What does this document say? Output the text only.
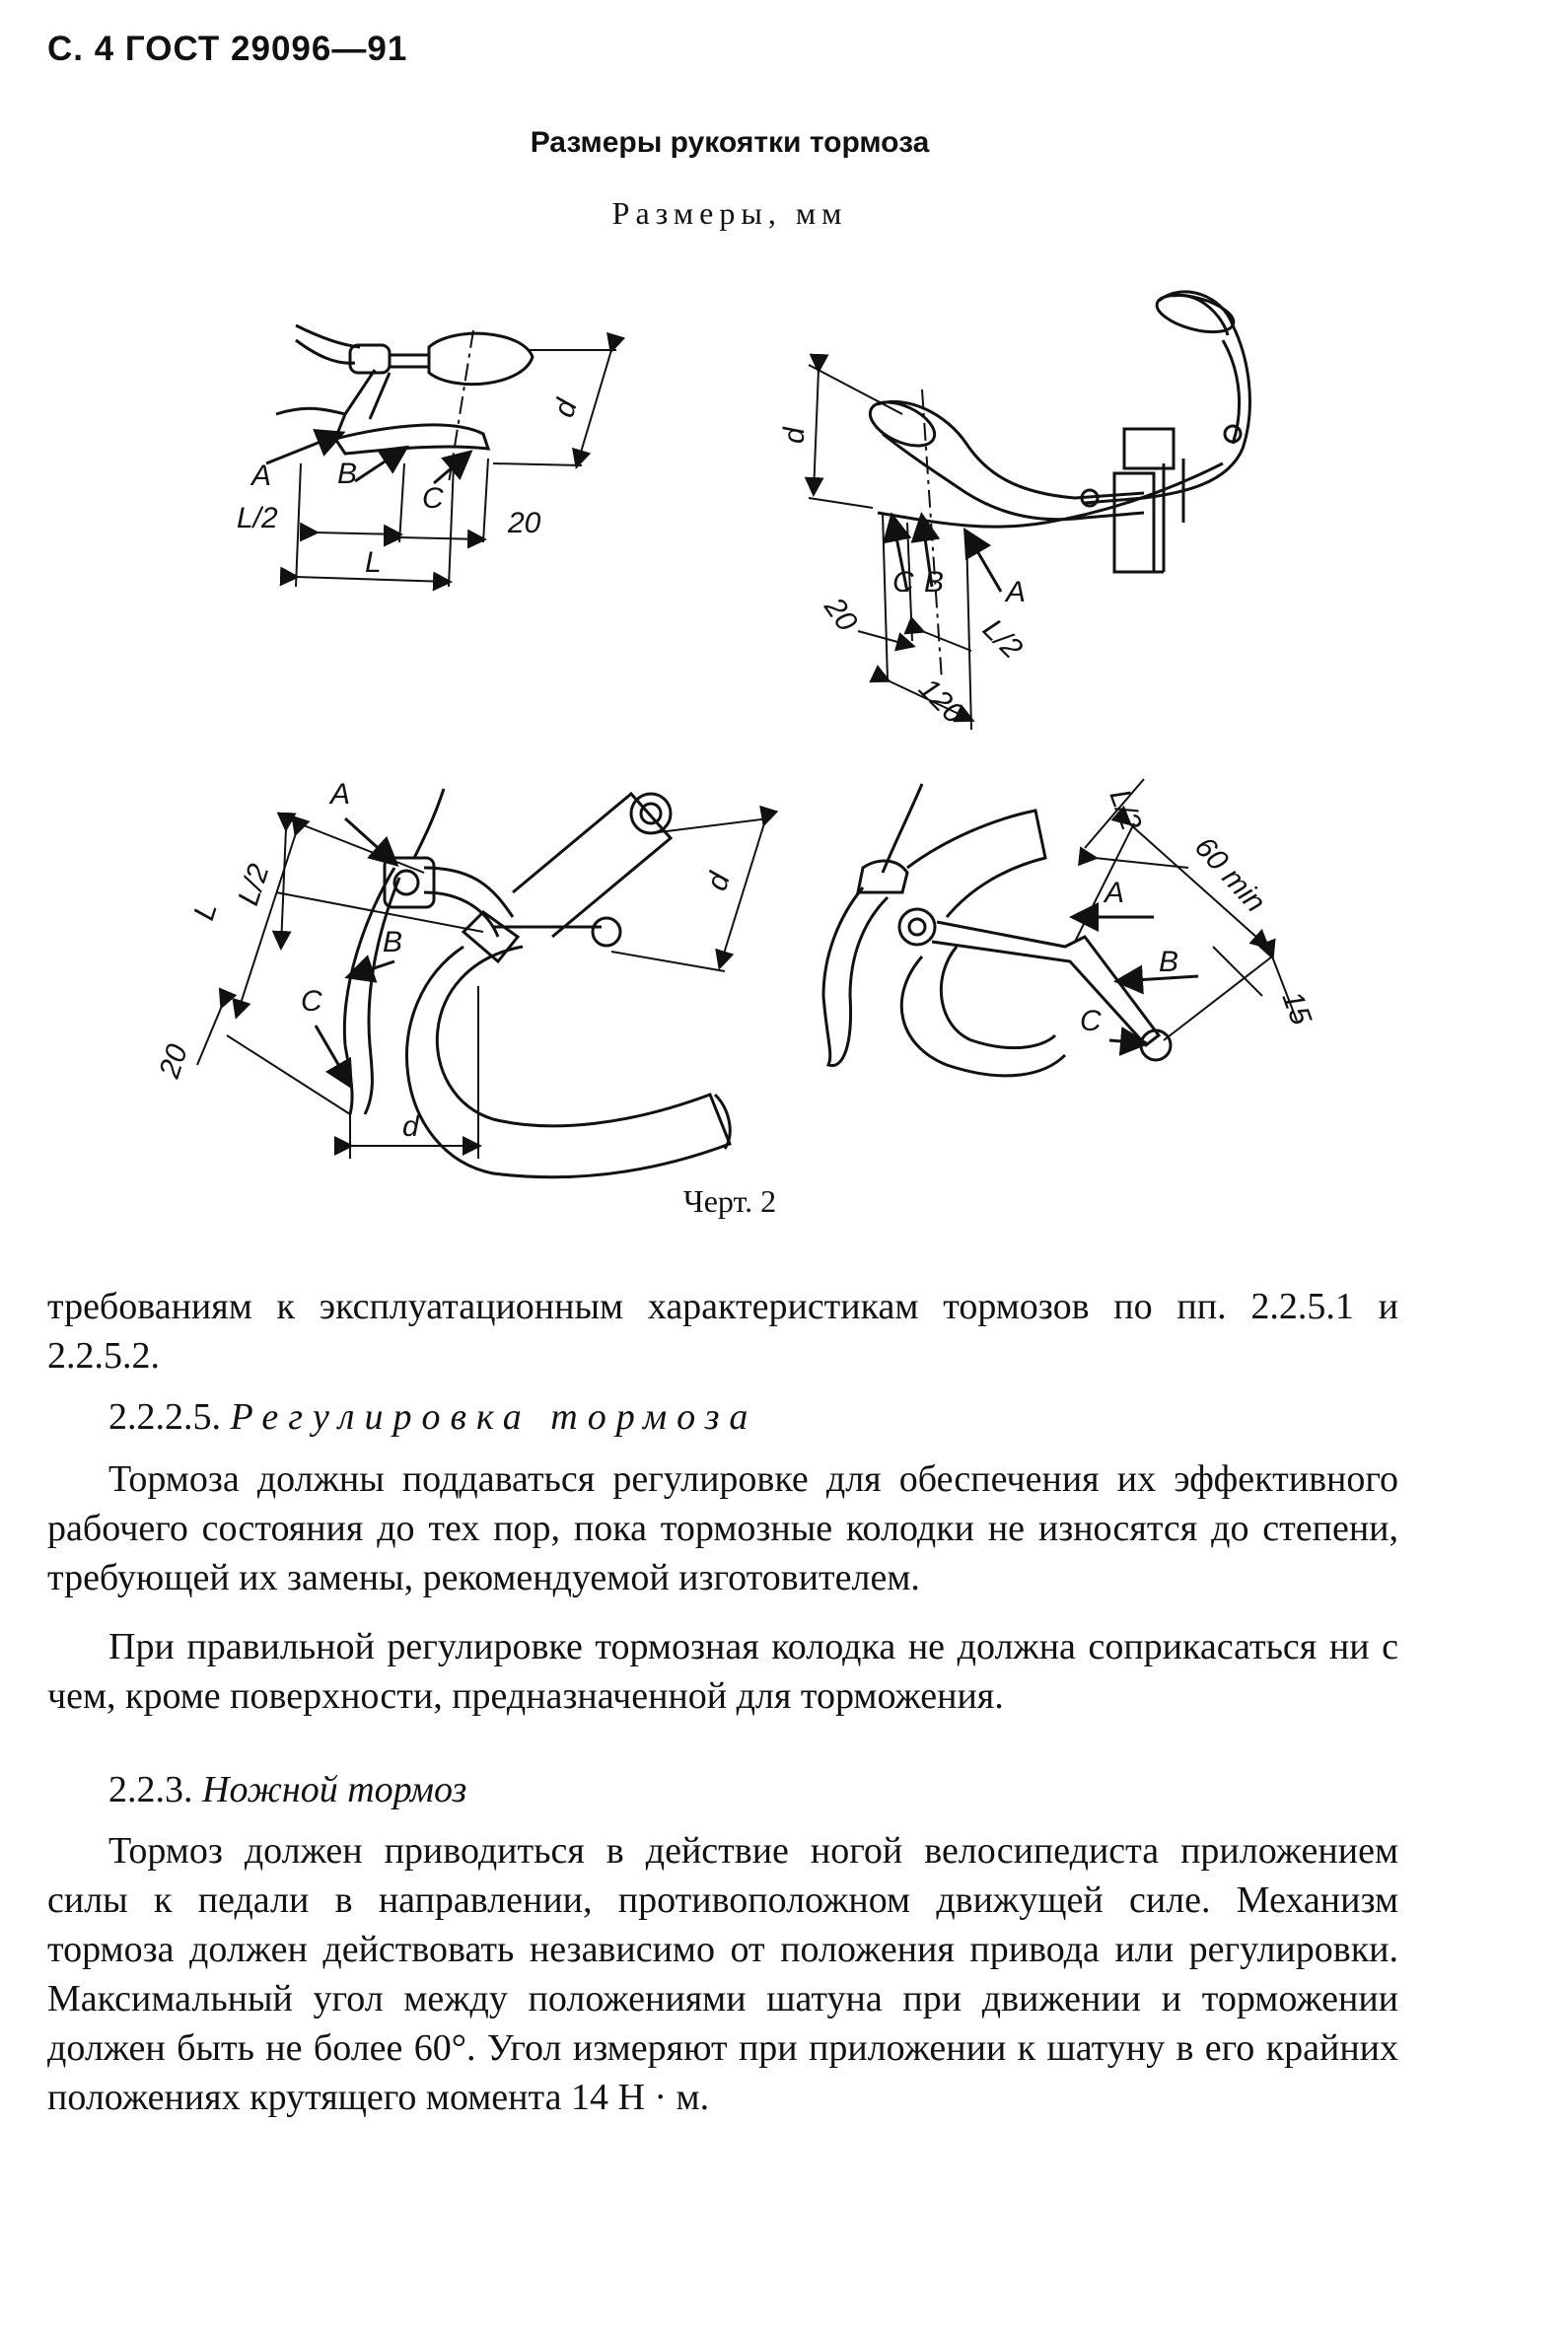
С. 4 ГОСТ 29096—91
Размеры рукоятки тормоза
Размеры, мм
d
A B
C
L/2
L
20
d
C B A
20
120
L/2
L/2
L
20
A
B
C
d
d	60 min
L/2
15
A
B
C
Черт. 2

требованиям к эксплуатационным характеристикам тормозов по пп. 2.2.5.1 и 2.2.5.2.

2.2.2.5. Регулировка тормоза

Тормоза должны поддаваться регулировке для обеспечения их эффективного рабочего состояния до тех пор, пока тормозные колодки не износятся до степени, требующей их замены, рекомендуемой изготовителем.

При правильной регулировке тормозная колодка не должна соприкасаться ни с чем, кроме поверхности, предназначенной для торможения.

2.2.3. Ножной тормоз

Тормоз должен приводиться в действие ногой велосипедиста приложением силы к педали в направлении, противоположном движущей силе. Механизм тормоза должен действовать независимо от положения привода или регулировки. Максимальный угол между положениями шатуна при движении и торможении должен быть не более 60°. Угол измеряют при приложении к шатуну в его крайних положениях крутящего момента 14 Н · м.
